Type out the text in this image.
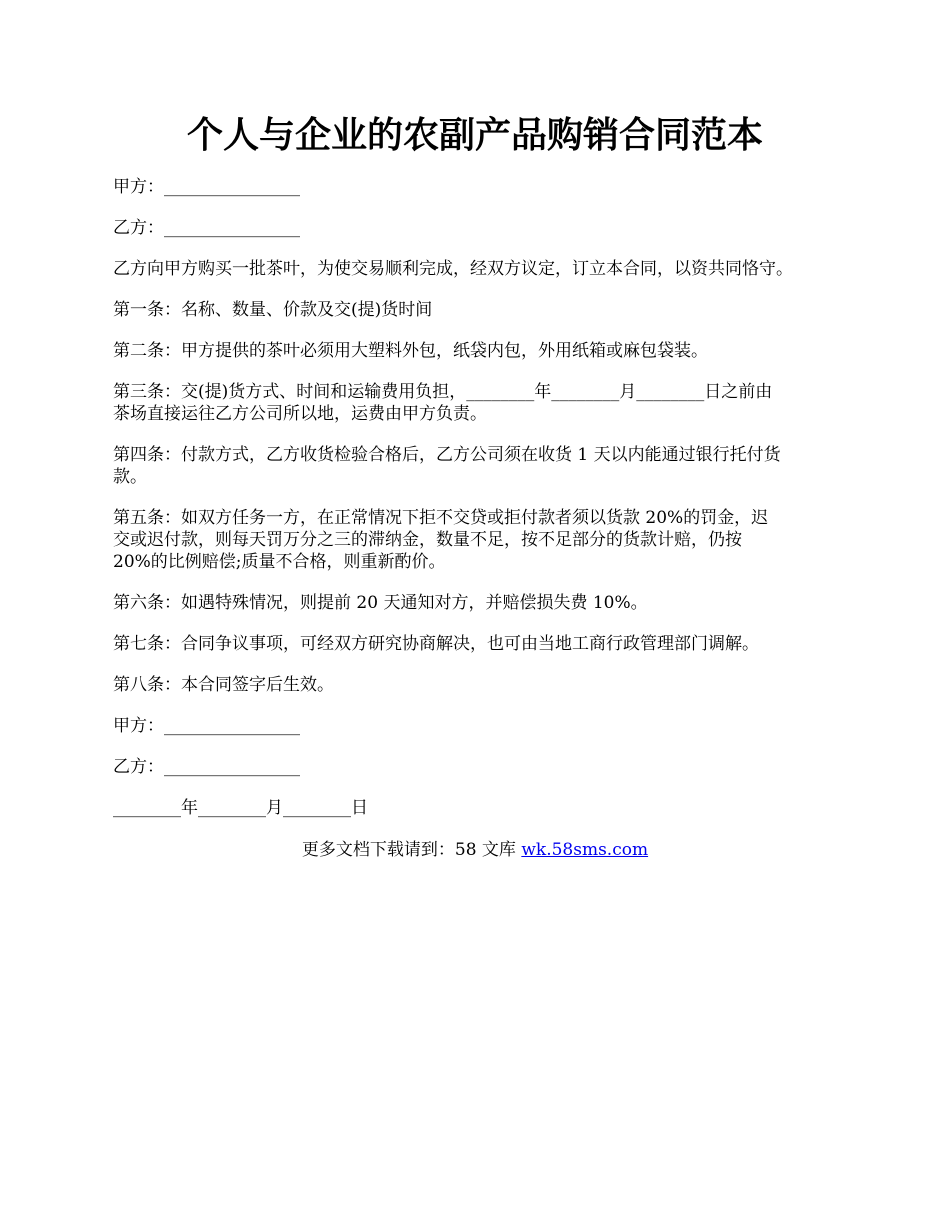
个人与企业的农副产品购销合同范本

甲方：________________

乙方：________________

乙方向甲方购买一批茶叶，为使交易顺利完成，经双方议定，订立本合同，以资共同恪守。

第一条：名称、数量、价款及交(提)货时间

第二条：甲方提供的茶叶必须用大塑料外包，纸袋内包，外用纸箱或麻包袋装。

第三条：交(提)货方式、时间和运输费用负担，________年________月________日之前由
茶场直接运往乙方公司所以地，运费由甲方负责。

第四条：付款方式，乙方收货检验合格后，乙方公司须在收货 1 天以内能通过银行托付货
款。

第五条：如双方任务一方，在正常情况下拒不交贷或拒付款者须以货款 20%的罚金，迟
交或迟付款，则每天罚万分之三的滞纳金，数量不足，按不足部分的货款计赔，仍按
20%的比例赔偿;质量不合格，则重新酌价。

第六条：如遇特殊情况，则提前 20 天通知对方，并赔偿损失费 10%。

第七条：合同争议事项，可经双方研究协商解决，也可由当地工商行政管理部门调解。

第八条：本合同签字后生效。

甲方：________________

乙方：________________

________年________月________日

更多文档下载请到：58 文库 wk.58sms.com
